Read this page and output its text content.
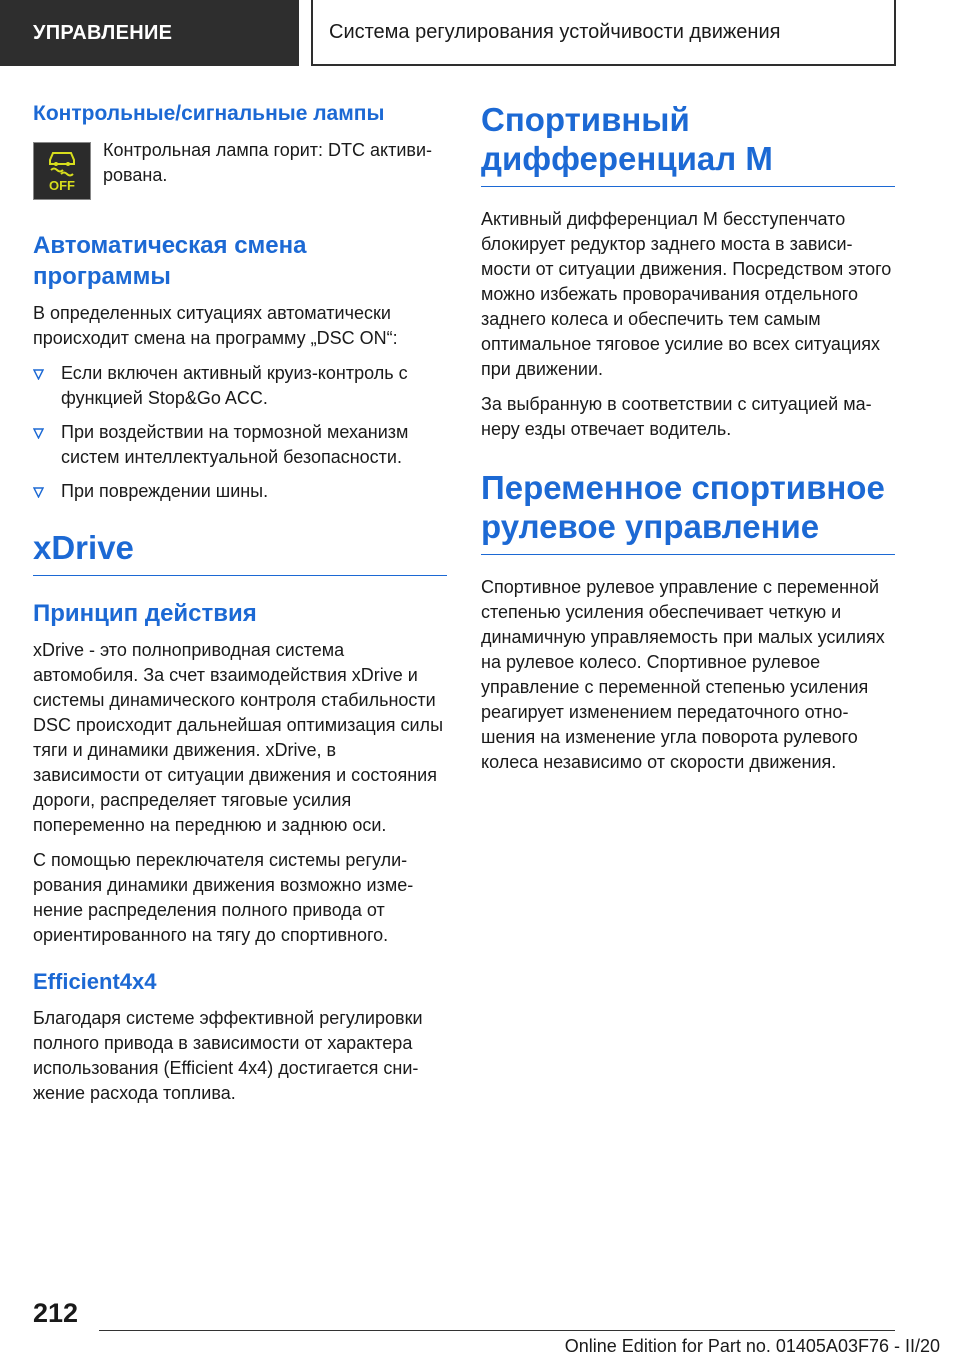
УПРАВЛЕНИЕ	Система регулирования устойчивости движения
Контрольные/сигнальные лампы
OFF
Контрольная лампа горит: DTC активирована.
Автоматическая смена программы

В определенных ситуациях автоматически происходит смена на программу „DSC ON“:

Если включен активный круиз-контроль с функцией Stop&Go ACC.
При воздействии на тормозной механизм систем интеллектуальной безопасности.
При повреждении шины.
xDrive
Принцип действия

xDrive - это полноприводная система автомобиля. За счет взаимодействия xDrive и системы динамического контроля стабильности DSC происходит дальнейшая оптимизация силы тяги и динамики движения. xDrive, в зависимости от ситуации движения и состояния дороги, распределяет тяговые усилия попеременно на переднюю и заднюю оси.

С помощью переключателя системы регулирования динамики движения возможно изменение распределения полного привода от ориентированного на тягу до спортивного.

Efficient4x4

Благодаря системе эффективной регулировки полного привода в зависимости от характера использования (Efficient 4x4) достигается снижение расхода топлива.

Спортивный дифференциал M

Активный дифференциал M бесступенчато блокирует редуктор заднего моста в зависимости от ситуации движения. Посредством этого можно избежать проворачивания отдельного заднего колеса и обеспечить тем самым оптимальное тяговое усилие во всех ситуациях при движении.

За выбранную в соответствии с ситуацией манеру езды отвечает водитель.

Переменное спортивное рулевое управление

Спортивное рулевое управление с переменной степенью усиления обеспечивает четкую и динамичную управляемость при малых усилиях на рулевое колесо. Спортивное рулевое управление с переменной степенью усиления реагирует изменением передаточного отношения на изменение угла поворота рулевого колеса независимо от скорости движения.

212
Online Edition for Part no. 01405A03F76 - II/20
